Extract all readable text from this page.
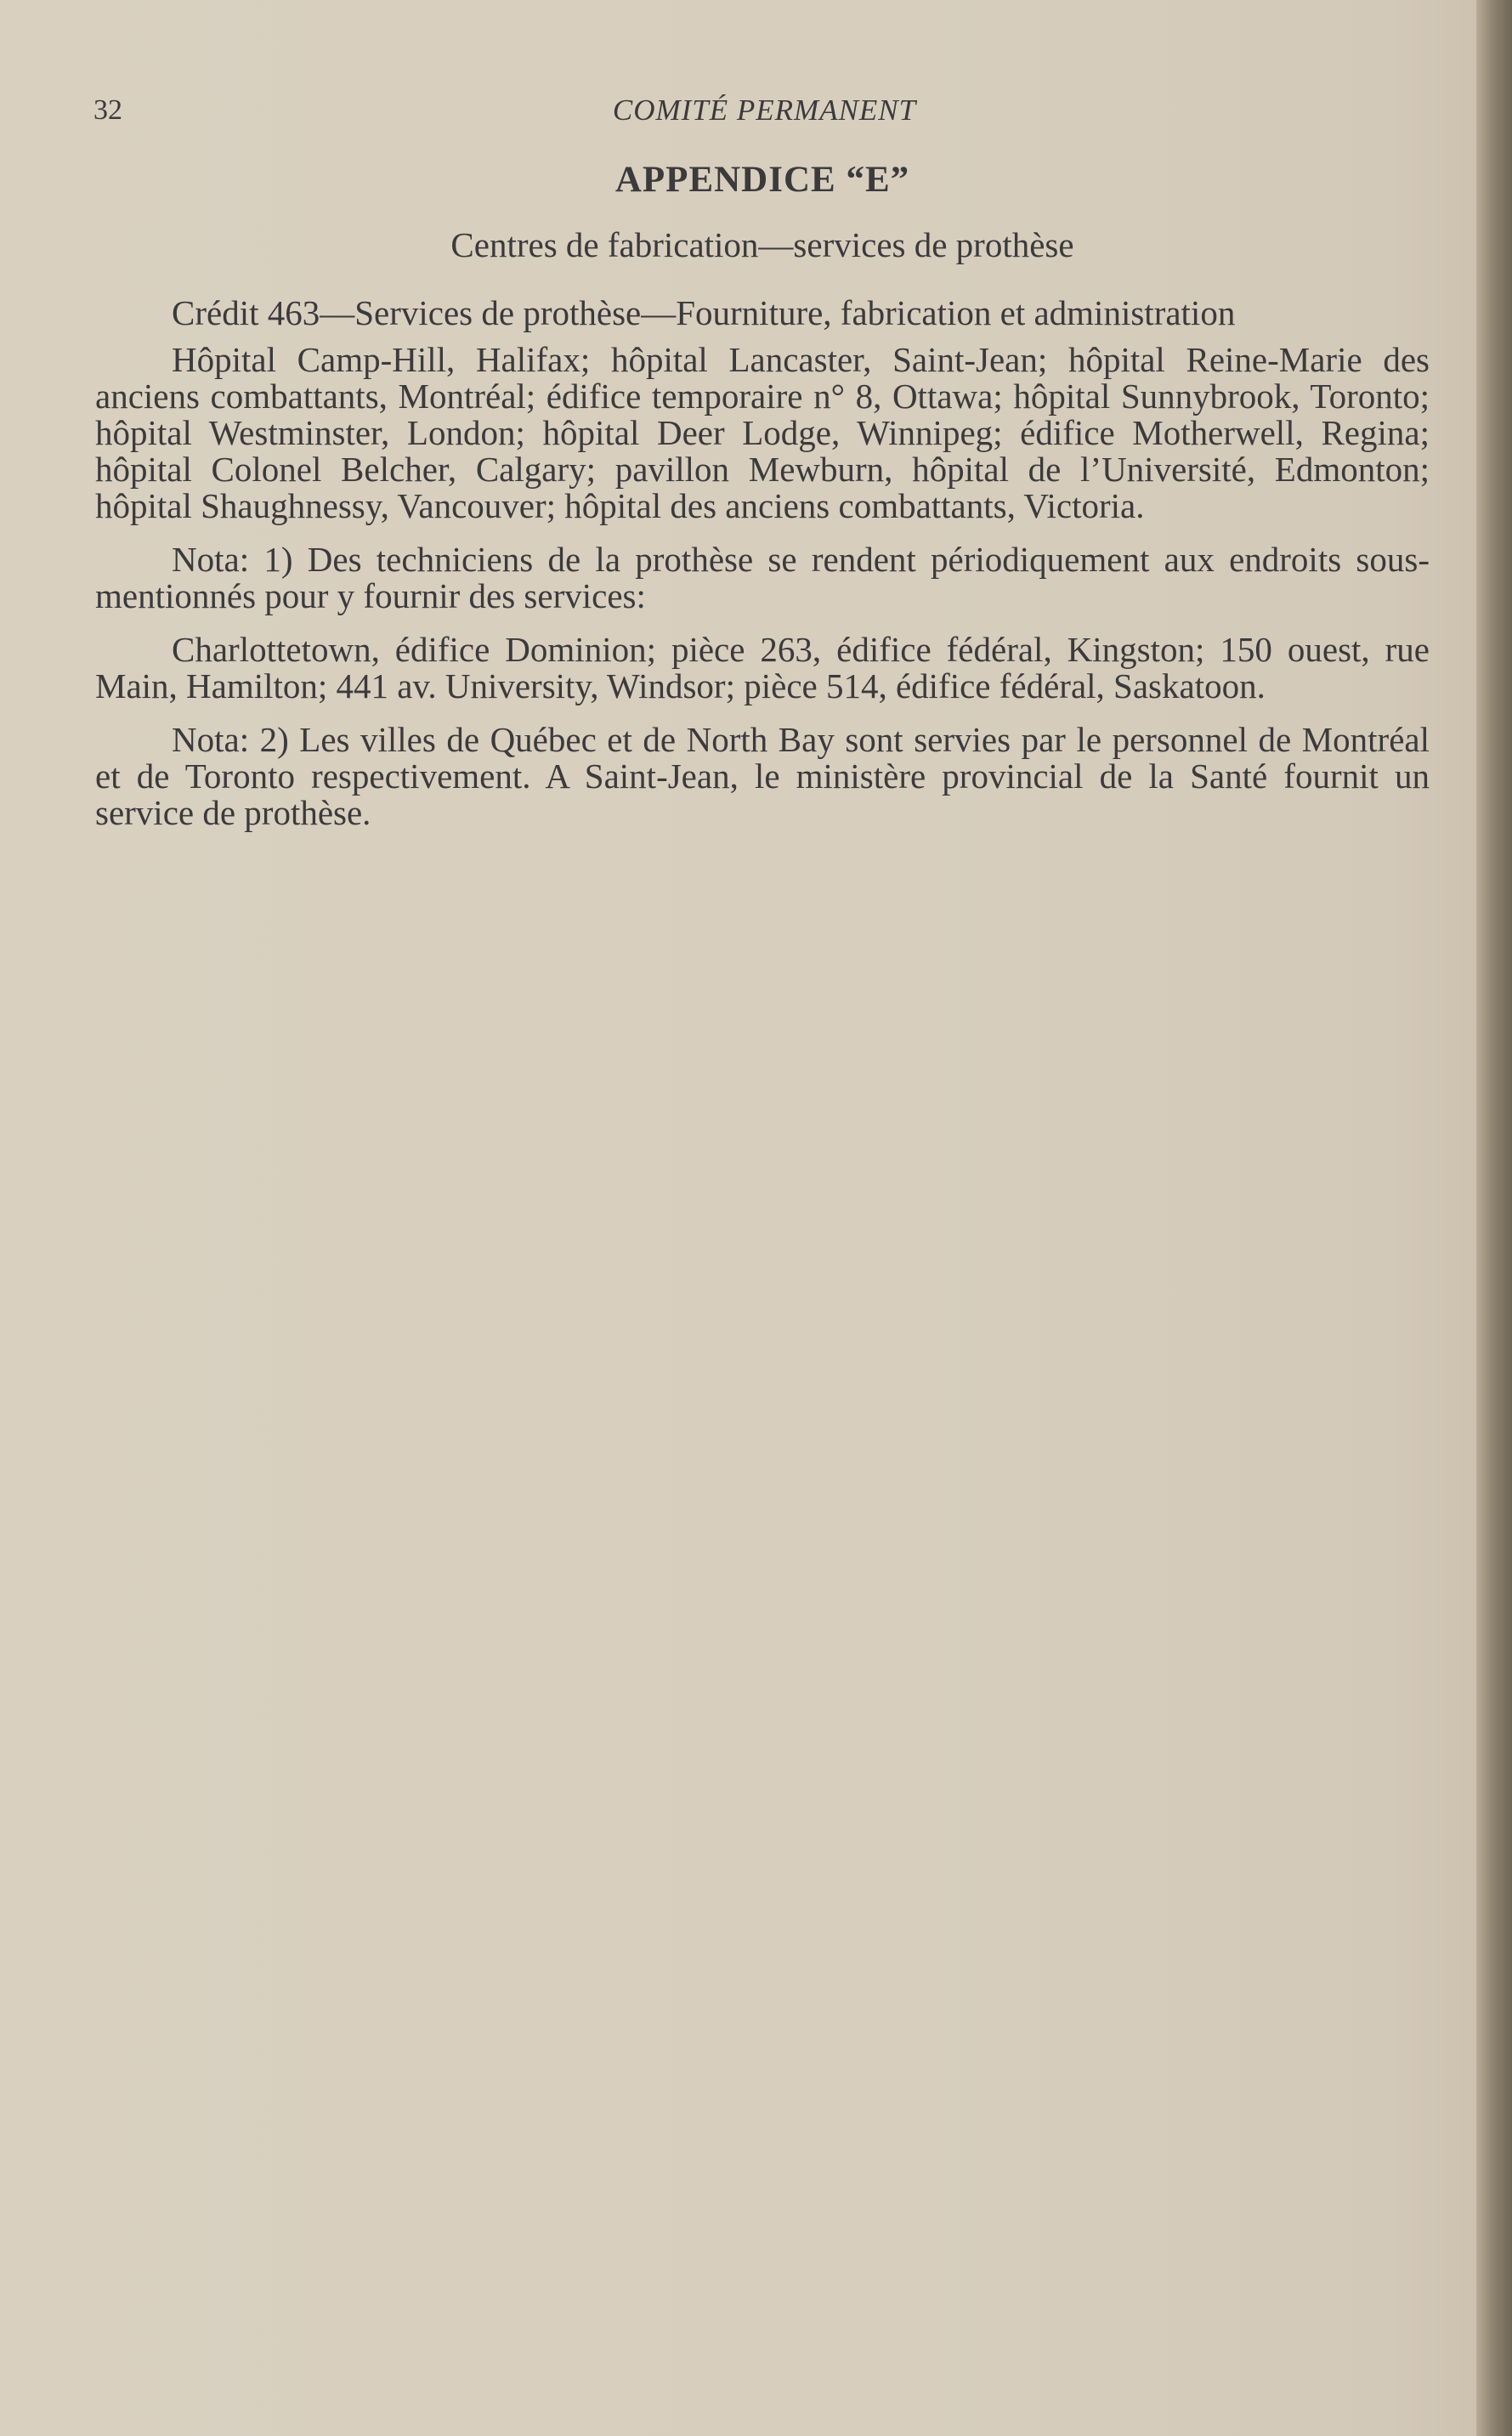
32	COMITÉ PERMANENT
APPENDICE “E”
Centres de fabrication—services de prothèse
Crédit 463—Services de prothèse—Fourniture, fabrication et administration

Hôpital Camp-Hill, Halifax; hôpital Lancaster, Saint-Jean; hôpital Reine-Marie des anciens combattants, Montréal; édifice temporaire n° 8, Ottawa; hôpital Sunnybrook, Toronto; hôpital Westminster, London; hôpital Deer Lodge, Winnipeg; édifice Motherwell, Regina; hôpital Colonel Belcher, Calgary; pavillon Mewburn, hôpital de l’Université, Edmonton; hôpital Shaughnessy, Vancouver; hôpital des anciens combattants, Victoria.

Nota: 1) Des techniciens de la prothèse se rendent périodiquement aux endroits sous-mentionnés pour y fournir des services:

Charlottetown, édifice Dominion; pièce 263, édifice fédéral, Kingston; 150 ouest, rue Main, Hamilton; 441 av. University, Windsor; pièce 514, édifice fédéral, Saskatoon.

Nota: 2) Les villes de Québec et de North Bay sont servies par le personnel de Montréal et de Toronto respectivement. A Saint-Jean, le ministère provincial de la Santé fournit un service de prothèse.
